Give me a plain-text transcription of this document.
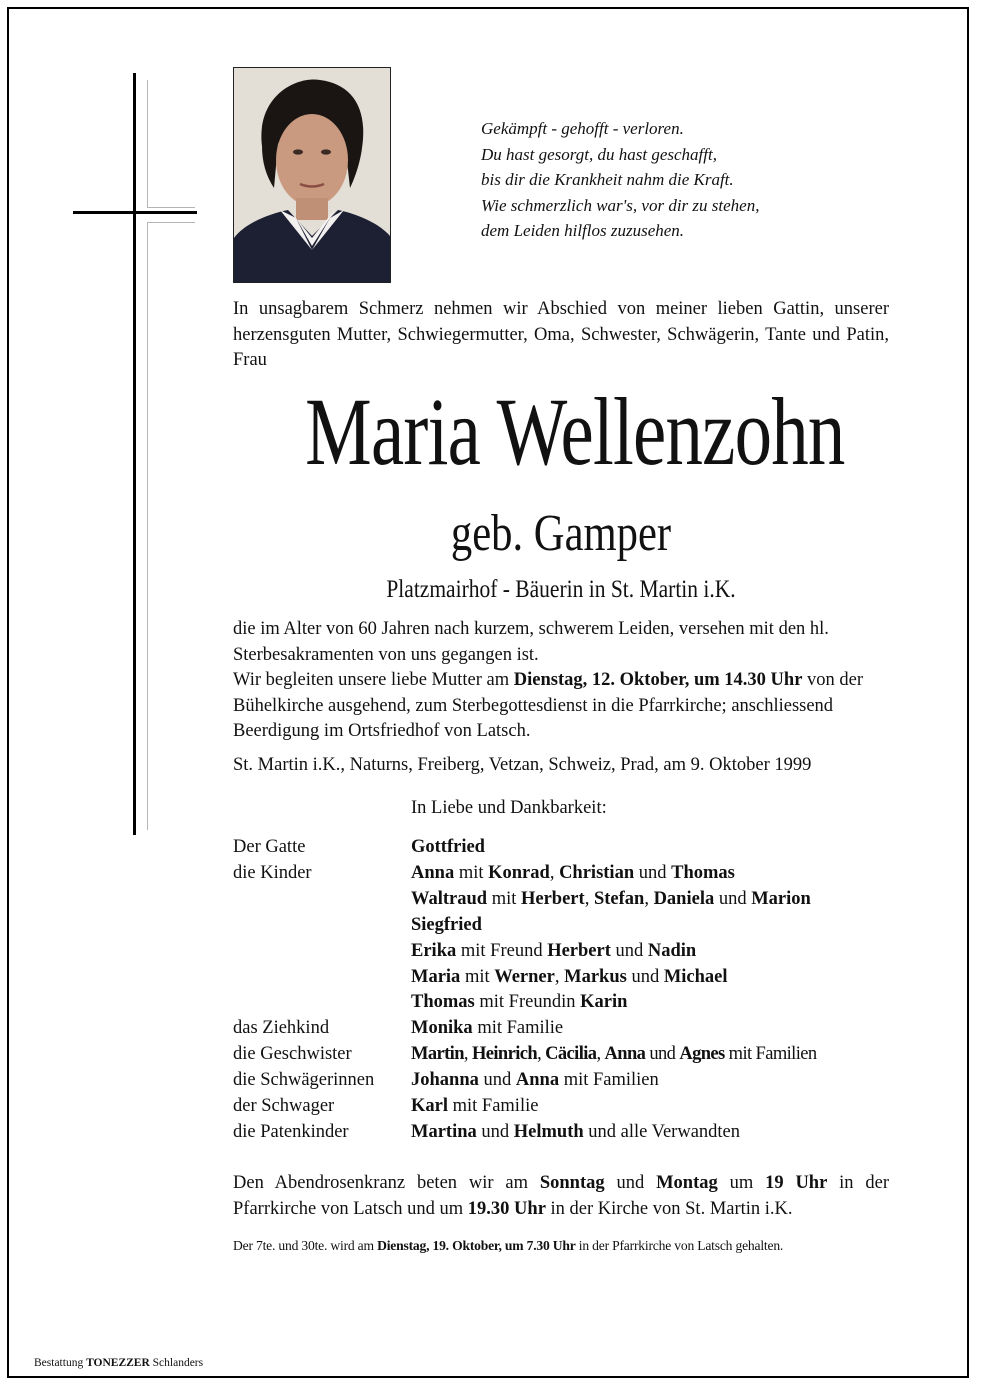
Gekämpft - gehofft - verloren.
Du hast gesorgt, du hast geschafft,
bis dir die Krankheit nahm die Kraft.
Wie schmerzlich war's, vor dir zu stehen,
dem Leiden hilflos zuzusehen.
In unsagbarem Schmerz nehmen wir Abschied von meiner lieben Gattin, unserer herzensguten Mutter, Schwiegermutter, Oma, Schwester, Schwägerin, Tante und Patin, Frau
Maria Wellenzohn
geb. Gamper
Platzmairhof - Bäuerin in St. Martin i.K.

die im Alter von 60 Jahren nach kurzem, schwerem Leiden, versehen mit den hl. Sterbesakramenten von uns gegangen ist.

Wir begleiten unsere liebe Mutter am Dienstag, 12. Oktober, um 14.30 Uhr von der Bühelkirche ausgehend, zum Sterbegottesdienst in die Pfarrkirche; anschliessend Beerdigung im Ortsfriedhof von Latsch.

St. Martin i.K., Naturns, Freiberg, Vetzan, Schweiz, Prad, am 9. Oktober 1999

In Liebe und Dankbarkeit:
Der Gatte	Gottfried
die Kinder	Anna mit Konrad, Christian und Thomas
Waltraud mit Herbert, Stefan, Daniela und Marion
Siegfried
Erika mit Freund Herbert und Nadin
Maria mit Werner, Markus und Michael
Thomas mit Freundin Karin
das Ziehkind	Monika mit Familie
die Geschwister	Martin, Heinrich, Cäcilia, Anna und Agnes mit Familien
die Schwägerinnen	Johanna und Anna mit Familien
der Schwager	Karl mit Familie
die Patenkinder	Martina und Helmuth und alle Verwandten
Den Abendrosenkranz beten wir am Sonntag und Montag um 19 Uhr in der Pfarrkirche von Latsch und um 19.30 Uhr in der Kirche von St. Martin i.K.
Der 7te. und 30te. wird am Dienstag, 19. Oktober, um 7.30 Uhr in der Pfarrkirche von Latsch gehalten.
Bestattung TONEZZER Schlanders
